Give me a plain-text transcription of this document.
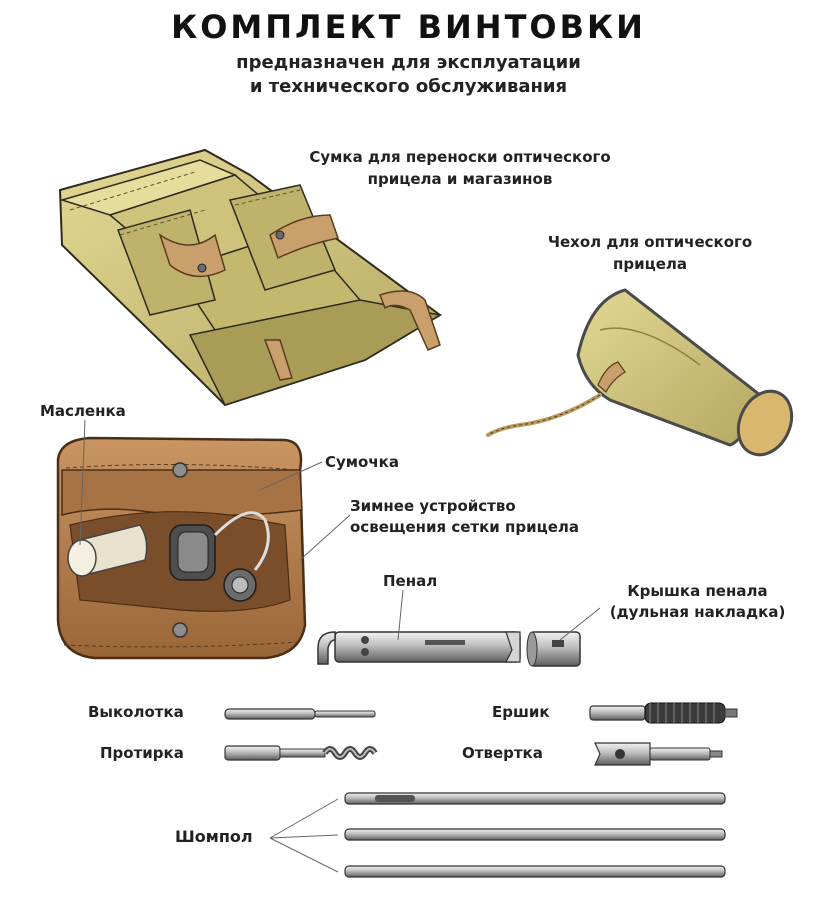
КОМПЛЕКТ ВИНТОВКИ
предназначен для эксплуатации
и технического обслуживания
Сумка для переноски оптического
прицела и магазинов
Чехол для оптического
прицела
Масленка
Сумочка
Зимнее устройство
освещения сетки прицела
Пенал
Крышка пенала
(дульная накладка)
Выколотка	Ершик
Протирка	Отвертка
Шомпол
